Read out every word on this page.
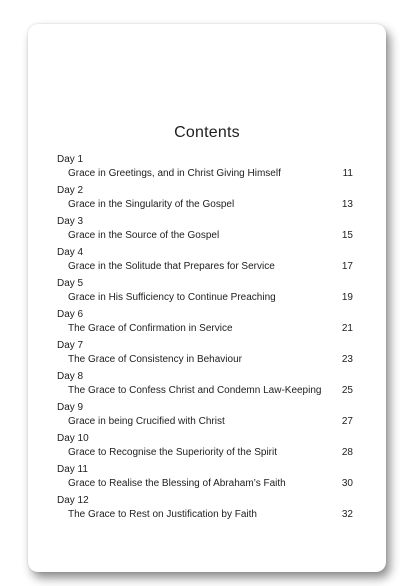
Contents
Day 1
Grace in Greetings, and in Christ Giving Himself	11
Day 2
Grace in the Singularity of the Gospel	13
Day 3
Grace in the Source of the Gospel	15
Day 4
Grace in the Solitude that Prepares for Service	17
Day 5
Grace in His Sufficiency to Continue Preaching	19
Day 6
The Grace of Confirmation in Service	21
Day 7
The Grace of Consistency in Behaviour	23
Day 8
The Grace to Confess Christ and Condemn Law-Keeping	25
Day 9
Grace in being Crucified with Christ	27
Day 10
Grace to Recognise the Superiority of the Spirit	28
Day 11
Grace to Realise the Blessing of Abraham’s Faith	30
Day 12
The Grace to Rest on Justification by Faith	32
